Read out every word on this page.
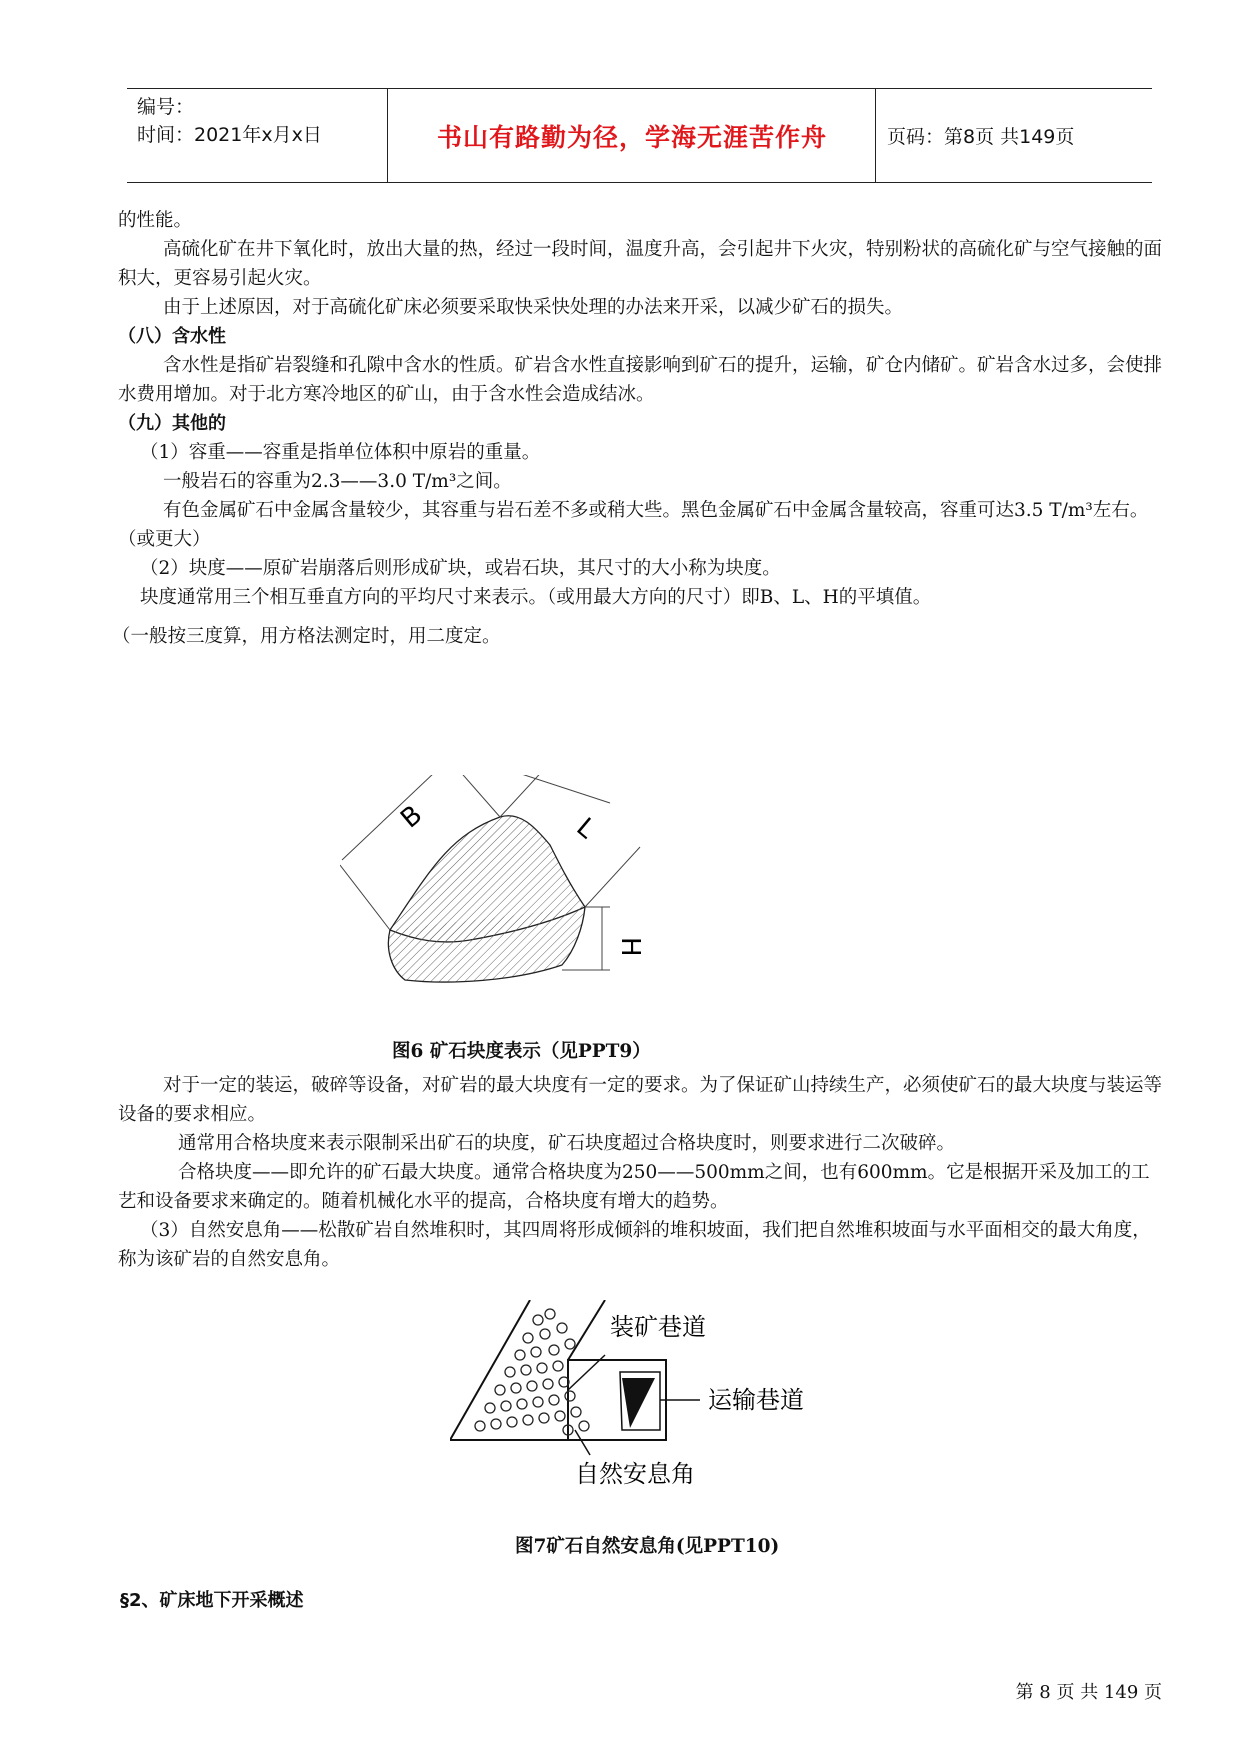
编号：
时间：2021年x月x日	书山有路勤为径，学海无涯苦作舟	页码：第8页 共149页

的性能。

高硫化矿在井下氧化时，放出大量的热，经过一段时间，温度升高，会引起井下火灾，特别粉状的高硫化矿与空气接触的面积大，更容易引起火灾。

由于上述原因，对于高硫化矿床必须要采取快采快处理的办法来开采，以减少矿石的损失。

（八）含水性

含水性是指矿岩裂缝和孔隙中含水的性质。矿岩含水性直接影响到矿石的提升，运输，矿仓内储矿。矿岩含水过多，会使排水费用增加。对于北方寒冷地区的矿山，由于含水性会造成结冰。

（九）其他的

（1）容重——容重是指单位体积中原岩的重量。

一般岩石的容重为2.3——3.0 T/m³之间。

有色金属矿石中金属含量较少，其容重与岩石差不多或稍大些。黑色金属矿石中金属含量较高，容重可达3.5 T/m³左右。（或更大）

（2）块度——原矿岩崩落后则形成矿块，或岩石块，其尺寸的大小称为块度。

块度通常用三个相互垂直方向的平均尺寸来表示。（或用最大方向的尺寸）即B、L、H的平填值。

（一般按三度算，用方格法测定时，用二度定。

B	L
H
图6 矿石块度表示（见PPT9）

对于一定的装运，破碎等设备，对矿岩的最大块度有一定的要求。为了保证矿山持续生产，必须使矿石的最大块度与装运等设备的要求相应。

通常用合格块度来表示限制采出矿石的块度，矿石块度超过合格块度时，则要求进行二次破碎。

合格块度——即允许的矿石最大块度。通常合格块度为250——500mm之间，也有600mm。它是根据开采及加工的工艺和设备要求来确定的。随着机械化水平的提高，合格块度有增大的趋势。

（3）自然安息角——松散矿岩自然堆积时，其四周将形成倾斜的堆积坡面，我们把自然堆积坡面与水平面相交的最大角度，称为该矿岩的自然安息角。

装矿巷道
运输巷道
自然安息角
图7矿石自然安息角(见PPT10)
§2、矿床地下开采概述
第 8 页 共 149 页
